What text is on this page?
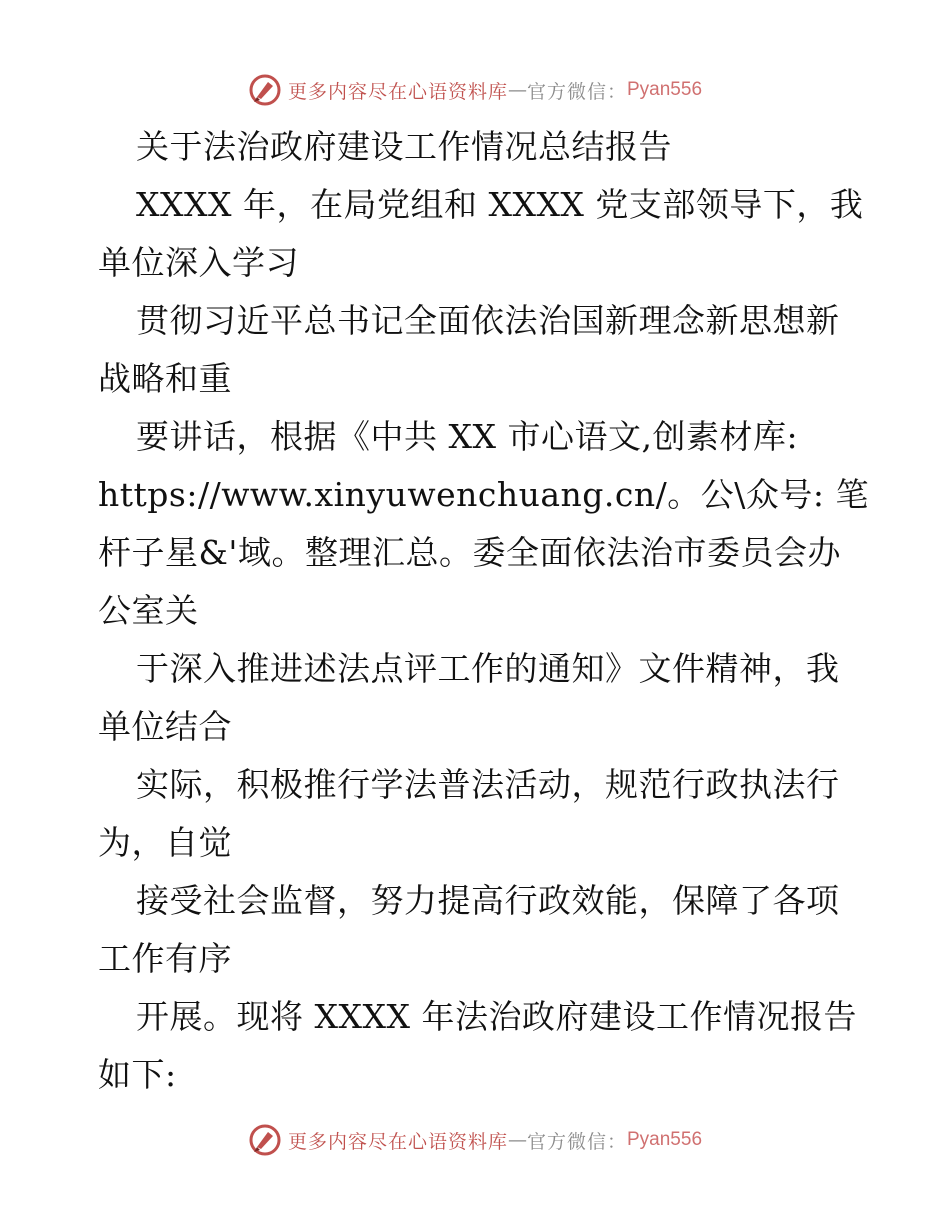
更多内容尽在心语资料库 — 官方微信： Pyan556
关于法治政府建设工作情况总结报告
XXXX 年，在局党组和 XXXX 党支部领导下，我
单位深入学习
贯彻习近平总书记全面依法治国新理念新思想新
战略和重
要讲话，根据《中共 XX 市心语文,创素材库:
https://www.xinyuwenchuang.cn/。公\众号: 笔
杆子星&'域。整理汇总。委全面依法治市委员会办
公室关
于深入推进述法点评工作的通知》文件精神，我
单位结合
实际，积极推行学法普法活动，规范行政执法行
为，自觉
接受社会监督，努力提高行政效能，保障了各项
工作有序
开展。现将 XXXX 年法治政府建设工作情况报告
如下:
更多内容尽在心语资料库 — 官方微信： Pyan556
